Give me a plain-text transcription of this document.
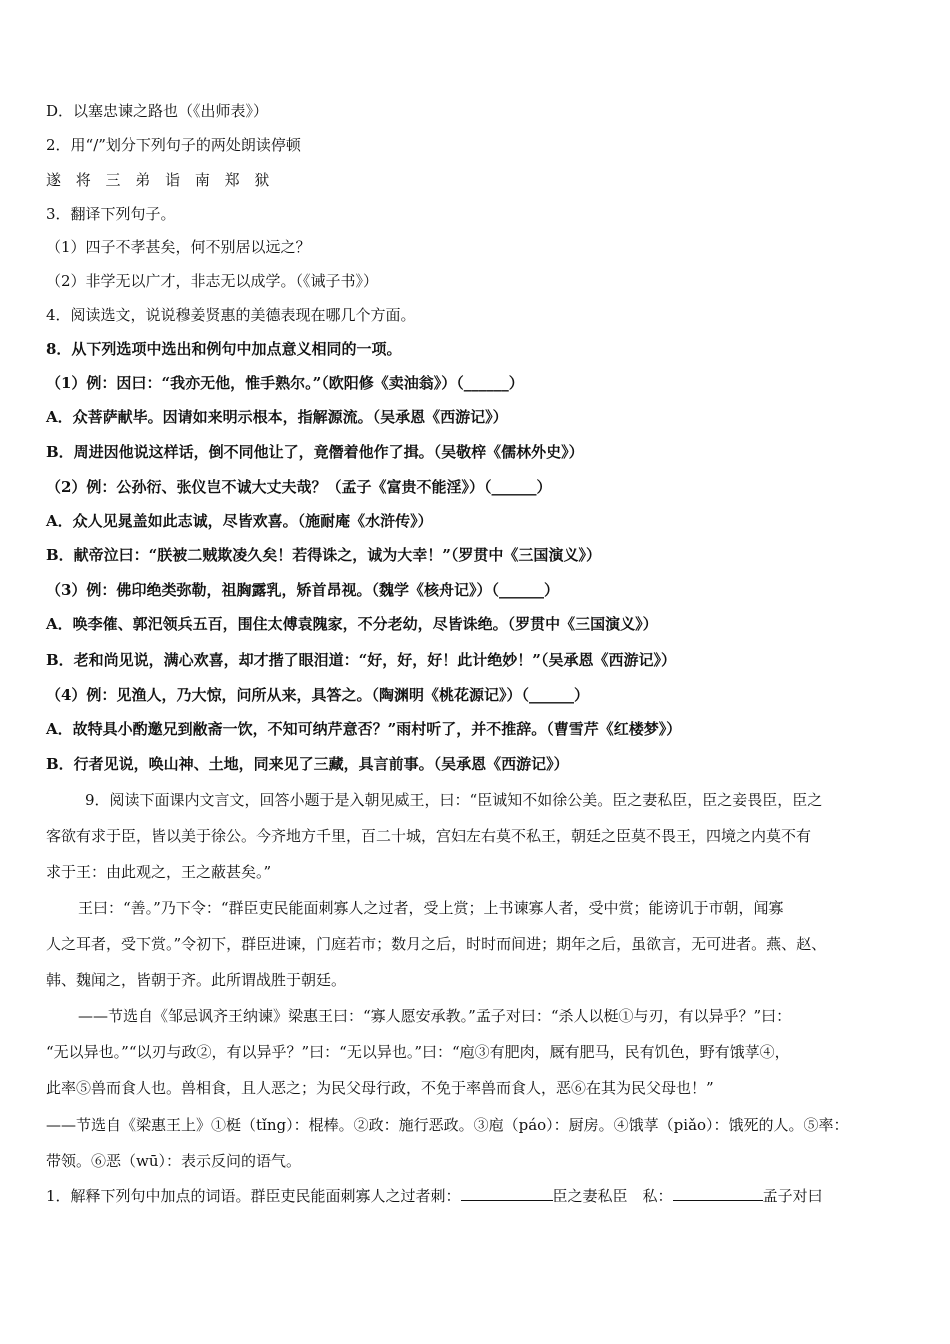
D．以塞忠谏之路也（《出师表》）
2．用“/”划分下列句子的两处朗读停顿
遂 将 三 弟 诣 南 郑 狱
3．翻译下列句子。
（1）四子不孝甚矣，何不别居以远之？
（2）非学无以广才，非志无以成学。（《诫子书》）
4．阅读选文，说说穆姜贤惠的美德表现在哪几个方面。
8．从下列选项中选出和例句中加点意义相同的一项。
（1）例：因曰：“我亦无他，惟手熟尔。”（欧阳修《卖油翁》）（______）
A．众菩萨献毕。因请如来明示根本，指解源流。（吴承恩《西游记》）
B．周进因他说这样话，倒不同他让了，竟僭着他作了揖。（吴敬梓《儒林外史》）
（2）例：公孙衍、张仪岂不诚大丈夫哉？（孟子《富贵不能淫》）（______）
A．众人见晁盖如此志诚，尽皆欢喜。（施耐庵《水浒传》）
B．献帝泣曰：“朕被二贼欺凌久矣！若得诛之，诚为大幸！”（罗贯中《三国演义》）
（3）例：佛印绝类弥勒，祖胸露乳，矫首昂视。（魏学《核舟记》）（______）
A．唤李傕、郭汜领兵五百，围住太傅袁隗家，不分老幼，尽皆诛绝。（罗贯中《三国演义》）
B．老和尚见说，满心欢喜，却才揩了眼泪道：“好，好，好！此计绝妙！”（吴承恩《西游记》）
（4）例：见渔人，乃大惊，问所从来，具答之。（陶渊明《桃花源记》）（______）
A．故特具小酌邀兄到敝斋一饮，不知可纳芹意否？”雨村听了，并不推辞。（曹雪芹《红楼梦》）
B．行者见说，唤山神、土地，同来见了三藏，具言前事。（吴承恩《西游记》）
9．阅读下面课内文言文，回答小题于是入朝见威王，曰：“臣诚知不如徐公美。臣之妻私臣，臣之妾畏臣，臣之
客欲有求于臣，皆以美于徐公。今齐地方千里，百二十城，宫妇左右莫不私王，朝廷之臣莫不畏王，四境之内莫不有
求于王：由此观之，王之蔽甚矣。”
王曰：“善。”乃下令：“群臣吏民能面刺寡人之过者，受上赏；上书谏寡人者，受中赏；能谤讥于市朝，闻寡
人之耳者，受下赏。”令初下，群臣进谏，门庭若市；数月之后，时时而间进；期年之后，虽欲言，无可进者。燕、赵、
韩、魏闻之，皆朝于齐。此所谓战胜于朝廷。
——节选自《邹忌讽齐王纳谏》梁惠王曰：“寡人愿安承教。”孟子对曰：“杀人以梃①与刃，有以异乎？”曰：
“无以异也。”“以刃与政②，有以异乎？”曰：“无以异也。”曰：“庖③有肥肉，厩有肥马，民有饥色，野有饿莩④，
此率⑤兽而食人也。兽相食，且人恶之；为民父母行政，不免于率兽而食人，恶⑥在其为民父母也！”
——节选自《梁惠王上》①梃（tǐng）：棍棒。②政：施行恶政。③庖（páo）：厨房。④饿莩（piǎo）：饿死的人。⑤率：
带领。⑥恶（wū）：表示反问的语气。
1．解释下列句中加点的词语。群臣吏民能面刺寡人之过者刺：	臣之妻私臣　私：	孟子对曰
